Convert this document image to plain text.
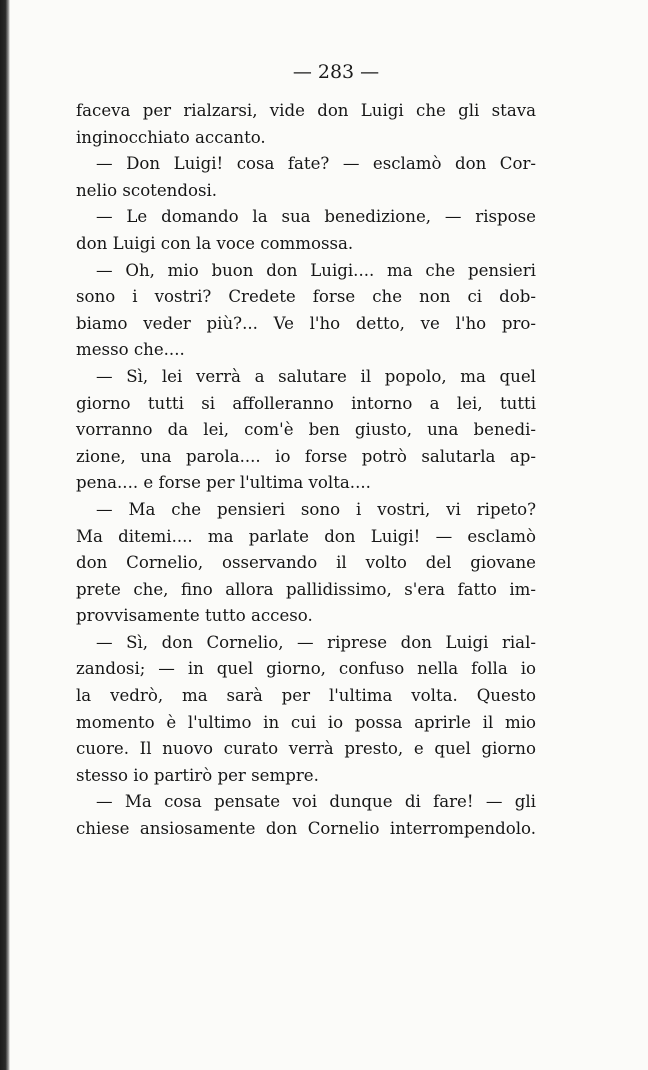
— 283 —
faceva per rialzarsi, vide don Luigi che gli stava
inginocchiato accanto.
— Don Luigi! cosa fate? — esclamò don Cor-
nelio scotendosi.
— Le domando la sua benedizione, — rispose
don Luigi con la voce commossa.
— Oh, mio buon don Luigi.... ma che pensieri
sono i vostri? Credete forse che non ci dob-
biamo veder più?... Ve l'ho detto, ve l'ho pro-
messo che....
— Sì, lei verrà a salutare il popolo, ma quel
giorno tutti si affolleranno intorno a lei, tutti
vorranno da lei, com'è ben giusto, una benedi-
zione, una parola.... io forse potrò salutarla ap-
pena.... e forse per l'ultima volta....
— Ma che pensieri sono i vostri, vi ripeto?
Ma ditemi.... ma parlate don Luigi! — esclamò
don Cornelio, osservando il volto del giovane
prete che, fino allora pallidissimo, s'era fatto im-
provvisamente tutto acceso.
— Sì, don Cornelio, — riprese don Luigi rial-
zandosi; — in quel giorno, confuso nella folla io
la vedrò, ma sarà per l'ultima volta. Questo
momento è l'ultimo in cui io possa aprirle il mio
cuore. Il nuovo curato verrà presto, e quel giorno
stesso io partirò per sempre.
— Ma cosa pensate voi dunque di fare! — gli
chiese ansiosamente don Cornelio interrompendolo.
